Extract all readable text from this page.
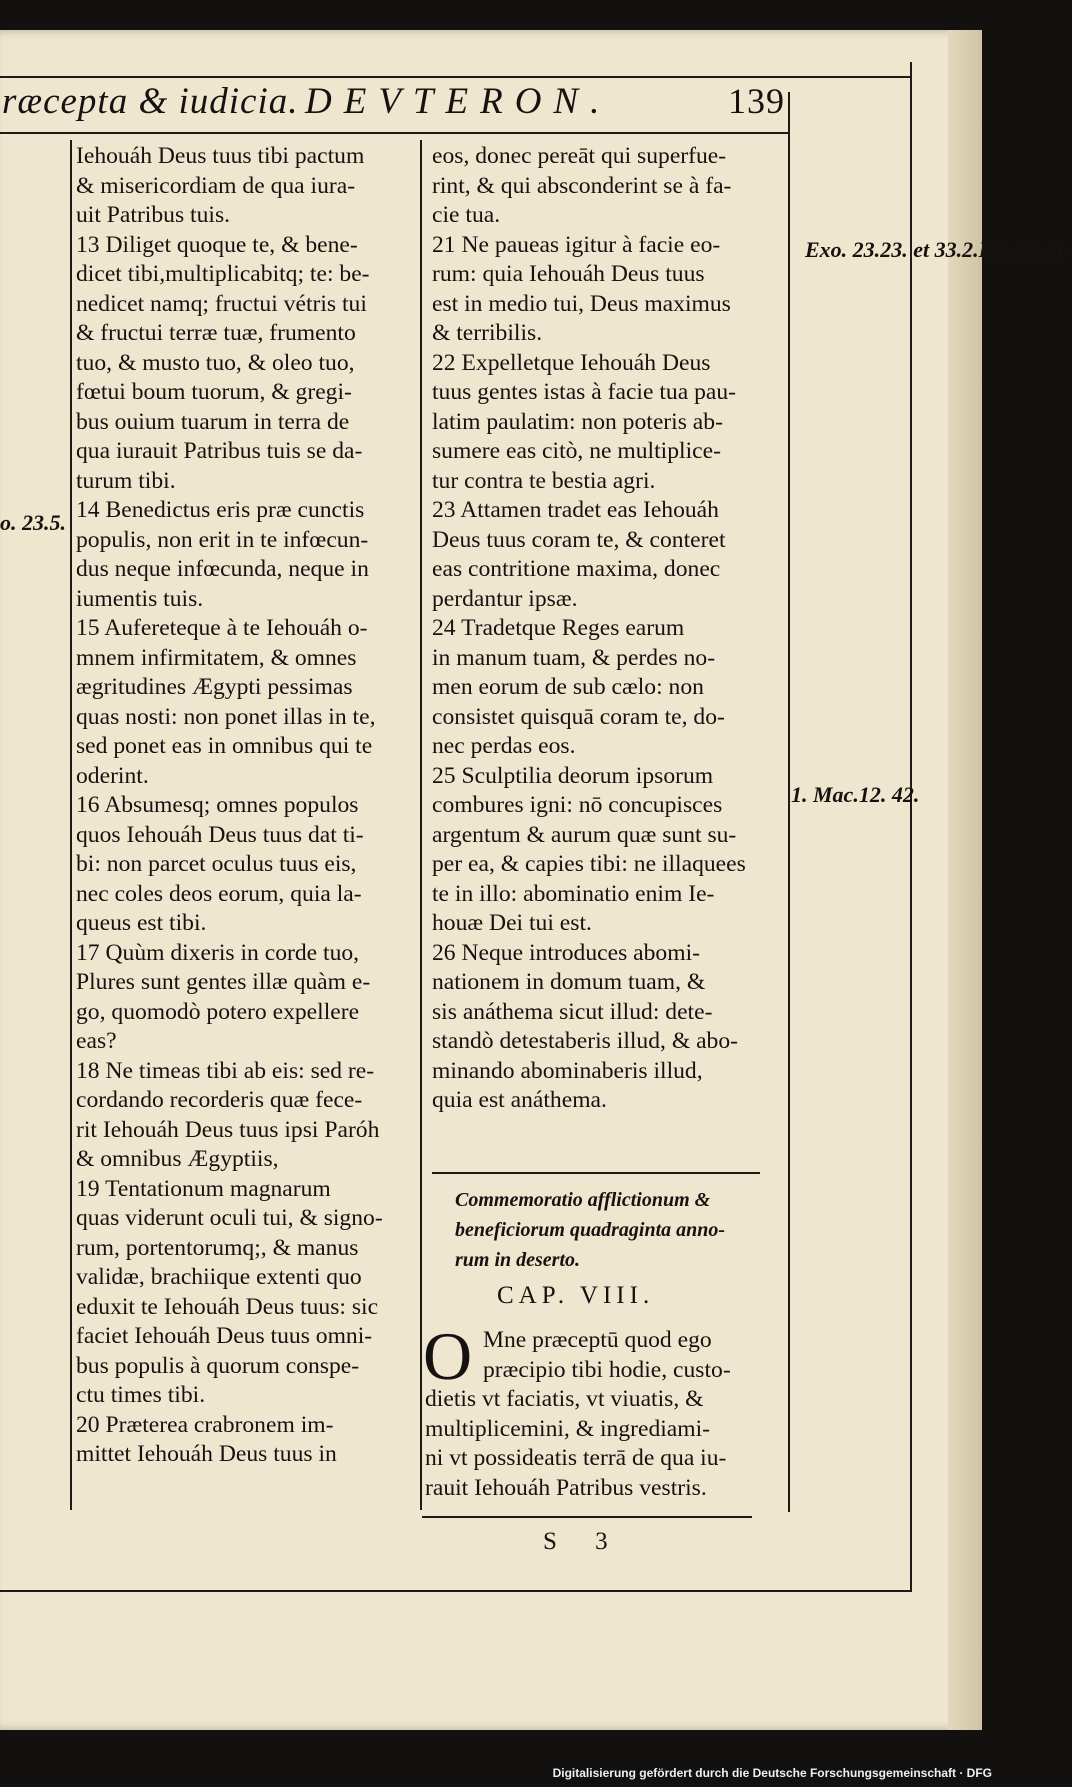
rӕcepta & iudicia. DEVTERON.	139
Iehouáh Deus tuus tibi pactum
& misericordiam de qua iura-
uit Patribus tuis.
13 Diliget quoque te, & bene-
dicet tibi,multiplicabitq; te: be-
nedicet namq; fructui vétris tui
& fructui terrӕ tuӕ, frumento
tuo, & musto tuo, & oleo tuo,
fœtui boum tuorum, & gregi-
bus ouium tuarum in terra de
qua iurauit Patribus tuis se da-
turum tibi.
14 Benedictus eris prӕ cunctis
populis, non erit in te infœcun-
dus neque infœcunda, neque in
iumentis tuis.
15 Aufereteque à te Iehouáh o-
mnem infirmitatem, & omnes
ӕgritudines Ægypti pessimas
quas nosti: non ponet illas in te,
sed ponet eas in omnibus qui te
oderint.
16 Absumesq; omnes populos
quos Iehouáh Deus tuus dat ti-
bi: non parcet oculus tuus eis,
nec coles deos eorum, quia la-
queus est tibi.
17 Quùm dixeris in corde tuo,
Plures sunt gentes illӕ quàm e-
go, quomodò potero expellere
eas?
18 Ne timeas tibi ab eis: sed re-
cordando recorderis quӕ fece-
rit Iehouáh Deus tuus ipsi Paróh
& omnibus Ægyptiis,
19 Tentationum magnarum
quas viderunt oculi tui, & signo-
rum, portentorumq;, & manus
validӕ, brachiique extenti quo
eduxit te Iehouáh Deus tuus: sic
faciet Iehouáh Deus tuus omni-
bus populis à quorum conspe-
ctu times tibi.
20 Prӕterea crabronem im-
mittet Iehouáh Deus tuus in
eos, donec pereāt qui superfue-
rint, & qui absconderint se à fa-
cie tua.
21 Ne paueas igitur à facie eo-
rum: quia Iehouáh Deus tuus
est in medio tui, Deus maximus
& terribilis.
22 Expelletque Iehouáh Deus
tuus gentes istas à facie tua pau-
latim paulatim: non poteris ab-
sumere eas citò, ne multiplice-
tur contra te bestia agri.
23 Attamen tradet eas Iehouáh
Deus tuus coram te, & conteret
eas contritione maxima, donec
perdantur ipsӕ.
24 Tradetque Reges earum
in manum tuam, & perdes no-
men eorum de sub cӕlo: non
consistet quisquā coram te, do-
nec perdas eos.
25 Sculptilia deorum ipsorum
combures igni: nō concupisces
argentum & aurum quӕ sunt su-
per ea, & capies tibi: ne illaquees
te in illo: abominatio enim Ie-
houӕ Dei tui est.
26 Neque introduces abomi-
nationem in domum tuam, &
sis anáthema sicut illud: dete-
standò detestaberis illud, & abo-
minando abominaberis illud,
quia est anáthema.
Exo. 23.23. et 33.2.Ios. 24.11.
1. Mac.12. 42.
o. 23.5.
Commemoratio afflictionum &
beneficiorum quadraginta anno-
rum in deserto.
CAP. VIII.
O Mne prӕceptū quod ego
prӕcipio tibi hodie, custo-
dietis vt faciatis, vt viuatis, &
multiplicemini, & ingrediami-
ni vt possideatis terrā de qua iu-
rauit Iehouáh Patribus vestris.
S 3
Digitalisierung gefördert durch die Deutsche Forschungsgemeinschaft · DFG
